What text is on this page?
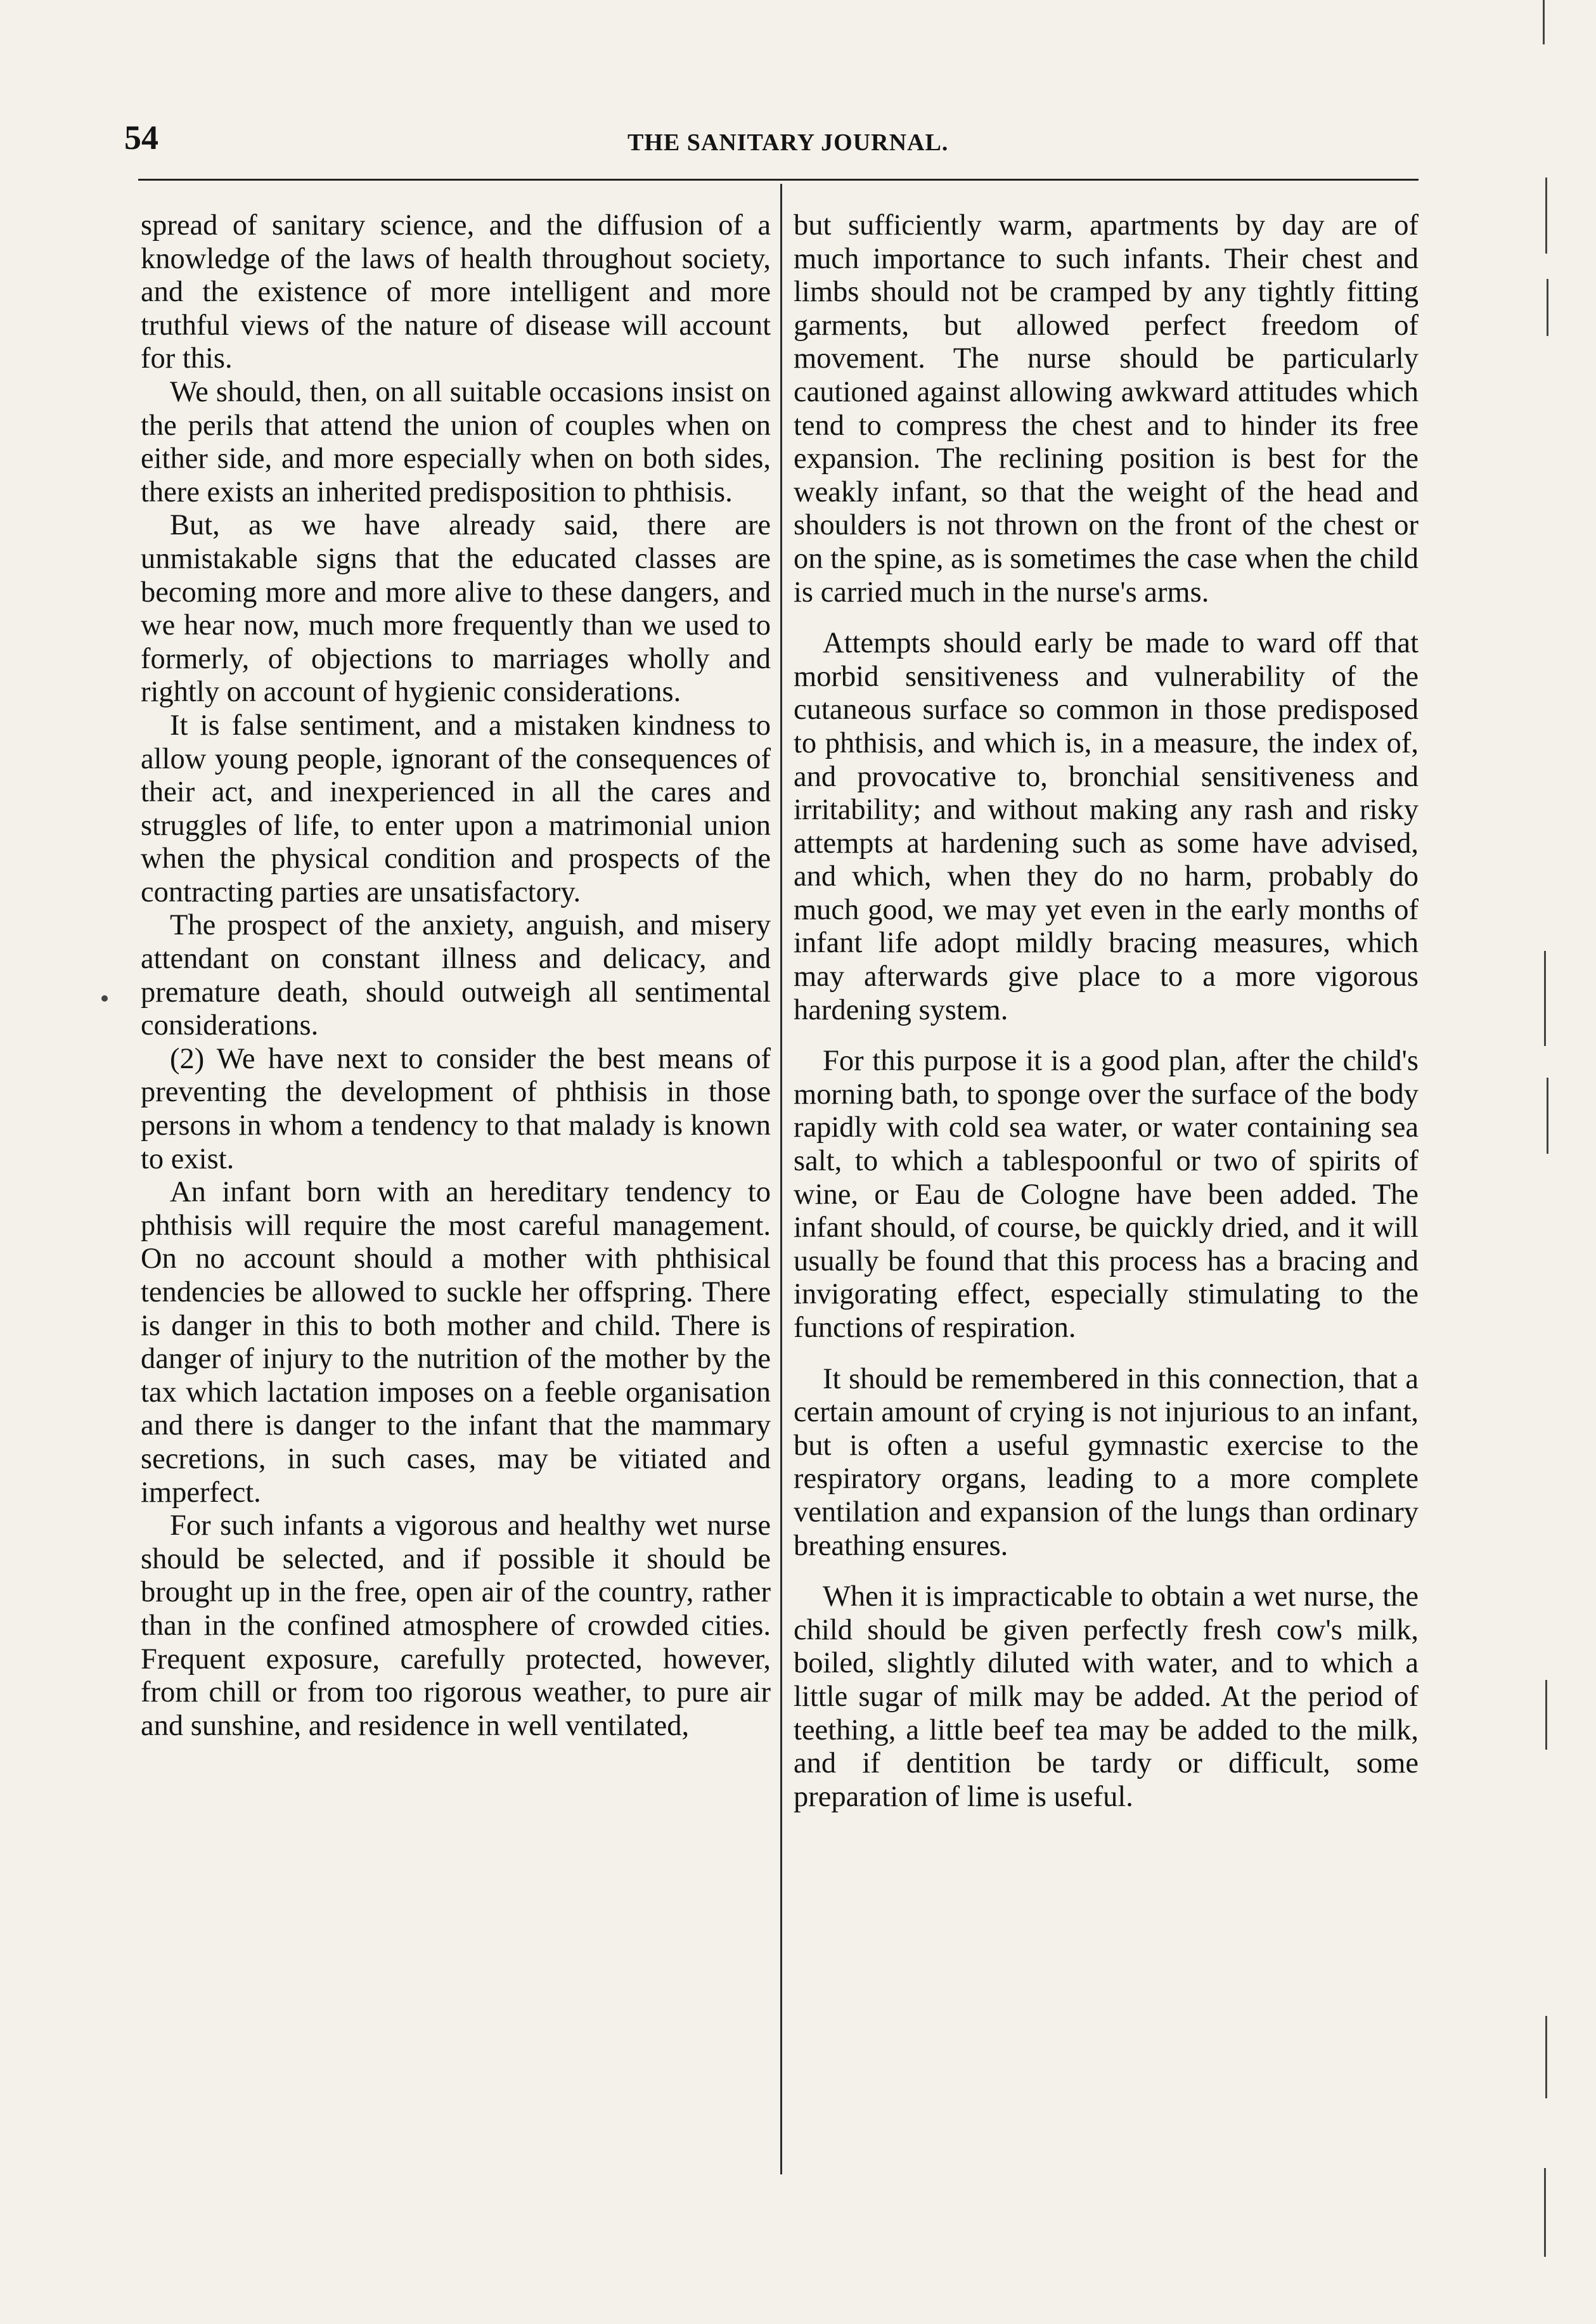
54	THE SANITARY JOURNAL.

spread of sanitary science, and the diffusion of a knowledge of the laws of health throughout society, and the existence of more intelligent and more truthful views of the nature of disease will account for this.

We should, then, on all suitable occasions insist on the perils that attend the union of couples when on either side, and more especially when on both sides, there exists an inherited predisposition to phthisis.

But, as we have already said, there are unmistakable signs that the educated classes are becoming more and more alive to these dangers, and we hear now, much more frequently than we used to formerly, of objections to marriages wholly and rightly on account of hygienic considerations.

It is false sentiment, and a mistaken kindness to allow young people, ignorant of the consequences of their act, and inexperienced in all the cares and struggles of life, to enter upon a matrimonial union when the physical condition and prospects of the contracting parties are unsatisfactory.

The prospect of the anxiety, anguish, and misery attendant on constant illness and delicacy, and premature death, should outweigh all sentimental considerations.

(2) We have next to consider the best means of preventing the development of phthisis in those persons in whom a tendency to that malady is known to exist.

An infant born with an hereditary tendency to phthisis will require the most careful management. On no account should a mother with phthisical tendencies be allowed to suckle her offspring. There is danger in this to both mother and child. There is danger of injury to the nutrition of the mother by the tax which lactation imposes on a feeble organisation and there is danger to the infant that the mammary secretions, in such cases, may be vitiated and imperfect.

For such infants a vigorous and healthy wet nurse should be selected, and if possible it should be brought up in the free, open air of the country, rather than in the confined atmosphere of crowded cities. Frequent exposure, carefully protected, however, from chill or from too rigorous weather, to pure air and sunshine, and residence in well ventilated,

but sufficiently warm, apartments by day are of much importance to such infants. Their chest and limbs should not be cramped by any tightly fitting garments, but allowed perfect freedom of movement. The nurse should be particularly cautioned against allowing awkward attitudes which tend to compress the chest and to hinder its free expansion. The reclining position is best for the weakly infant, so that the weight of the head and shoulders is not thrown on the front of the chest or on the spine, as is sometimes the case when the child is carried much in the nurse's arms.

Attempts should early be made to ward off that morbid sensitiveness and vulnerability of the cutaneous surface so common in those predisposed to phthisis, and which is, in a measure, the index of, and provocative to, bronchial sensitiveness and irritability; and without making any rash and risky attempts at hardening such as some have advised, and which, when they do no harm, probably do much good, we may yet even in the early months of infant life adopt mildly bracing measures, which may afterwards give place to a more vigorous hardening system.

For this purpose it is a good plan, after the child's morning bath, to sponge over the surface of the body rapidly with cold sea water, or water containing sea salt, to which a tablespoonful or two of spirits of wine, or Eau de Cologne have been added. The infant should, of course, be quickly dried, and it will usually be found that this process has a bracing and invigorating effect, especially stimulating to the functions of respiration.

It should be remembered in this connection, that a certain amount of crying is not injurious to an infant, but is often a useful gymnastic exercise to the respiratory organs, leading to a more complete ventilation and expansion of the lungs than ordinary breathing ensures.

When it is impracticable to obtain a wet nurse, the child should be given perfectly fresh cow's milk, boiled, slightly diluted with water, and to which a little sugar of milk may be added. At the period of teething, a little beef tea may be added to the milk, and if dentition be tardy or difficult, some preparation of lime is useful.
